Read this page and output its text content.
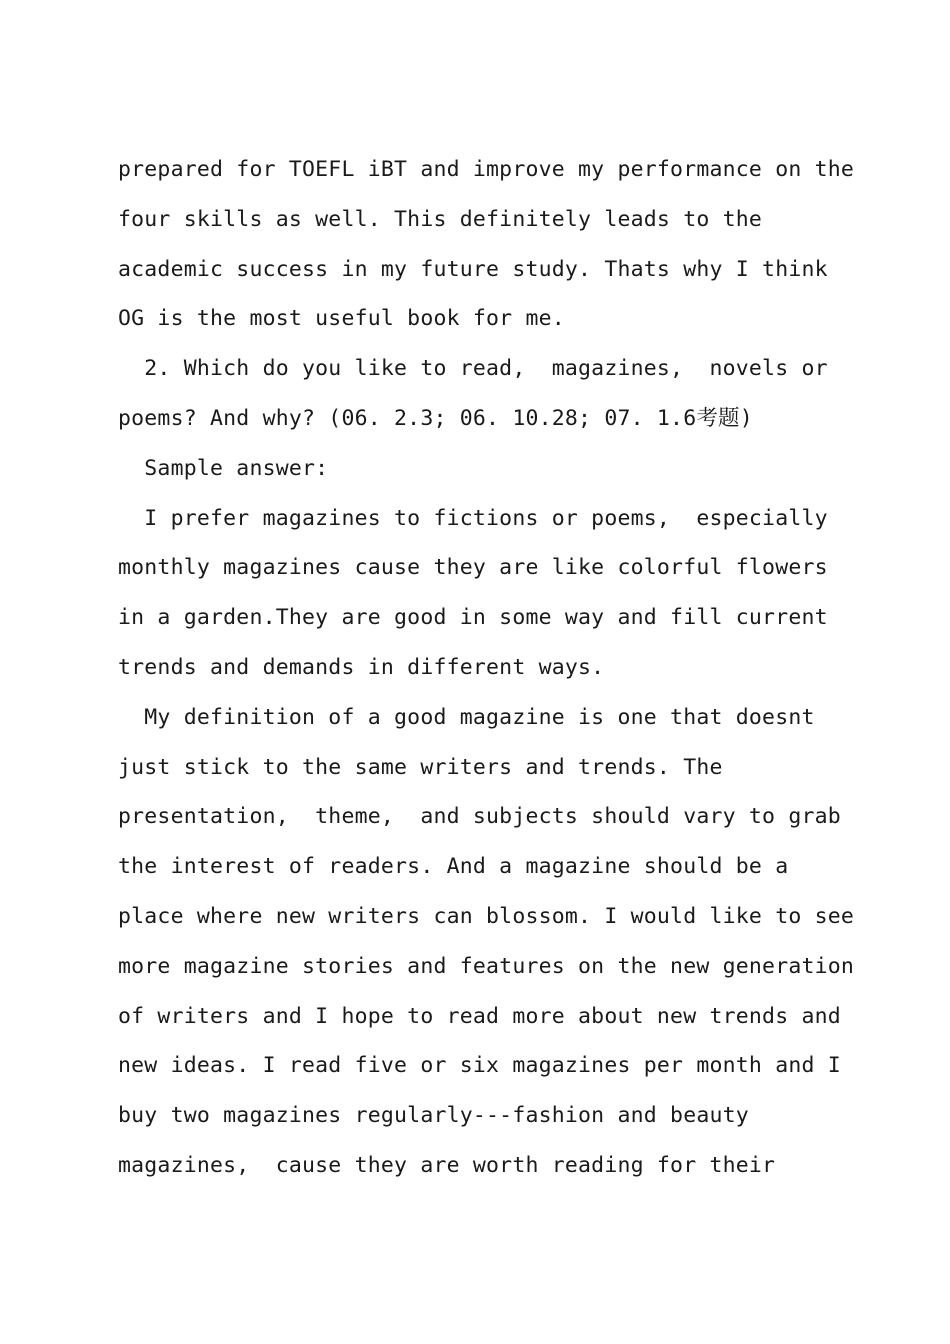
prepared for TOEFL iBT and improve my performance on the
four skills as well. This definitely leads to the
academic success in my future study. Thats why I think
OG is the most useful book for me.
2. Which do you like to read,  magazines,  novels or
poems? And why? (06. 2.3; 06. 10.28; 07. 1.6考题)
Sample answer:
I prefer magazines to fictions or poems,  especially
monthly magazines cause they are like colorful flowers
in a garden.They are good in some way and fill current
trends and demands in different ways.
My definition of a good magazine is one that doesnt
just stick to the same writers and trends. The
presentation,  theme,  and subjects should vary to grab
the interest of readers. And a magazine should be a
place where new writers can blossom. I would like to see
more magazine stories and features on the new generation
of writers and I hope to read more about new trends and
new ideas. I read five or six magazines per month and I
buy two magazines regularly---fashion and beauty
magazines,  cause they are worth reading for their
